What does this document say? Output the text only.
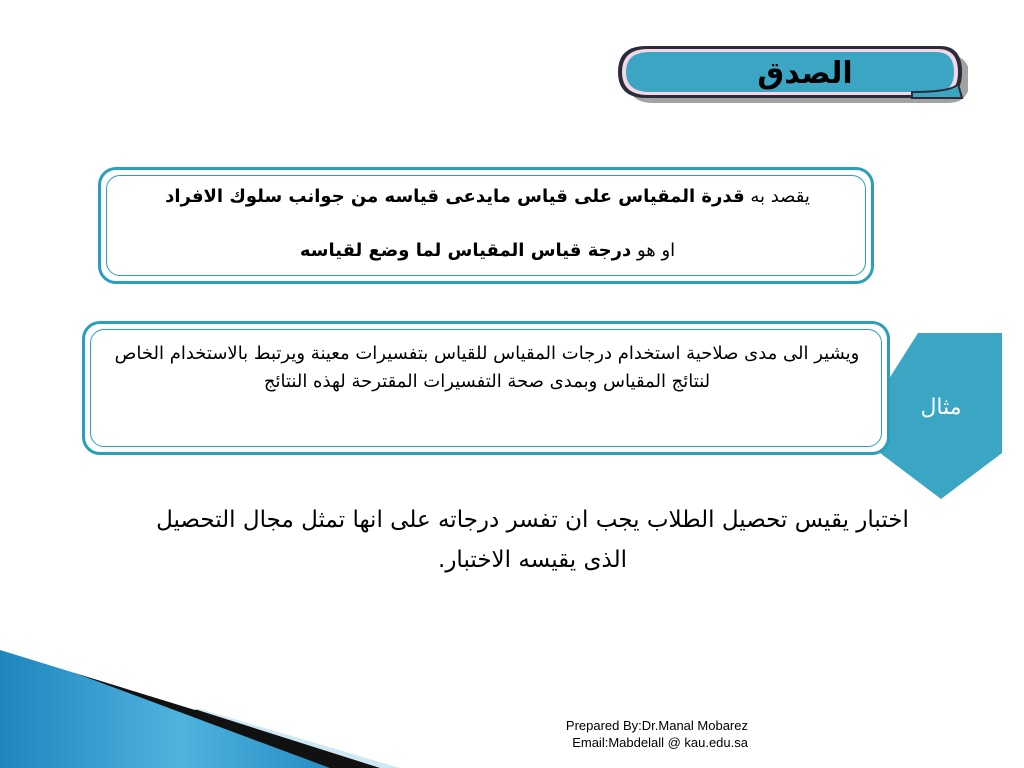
الصدق
يقصد به قدرة المقياس على قياس مايدعى قياسه من جوانب سلوك الافراد
او هو درجة قياس المقياس لما وضع لقياسه
مثال
ويشير الى مدى صلاحية استخدام درجات المقياس للقياس بتفسيرات معينة ويرتبط بالاستخدام الخاص لنتائج المقياس وبمدى صحة التفسيرات المقترحة لهذه النتائج
اختبار يقيس تحصيل الطلاب يجب ان تفسر درجاته على انها تمثل مجال التحصيل الذى يقيسه الاختبار.
Prepared By:Dr.Manal Mobarez
Email:Mabdelall @ kau.edu.sa
